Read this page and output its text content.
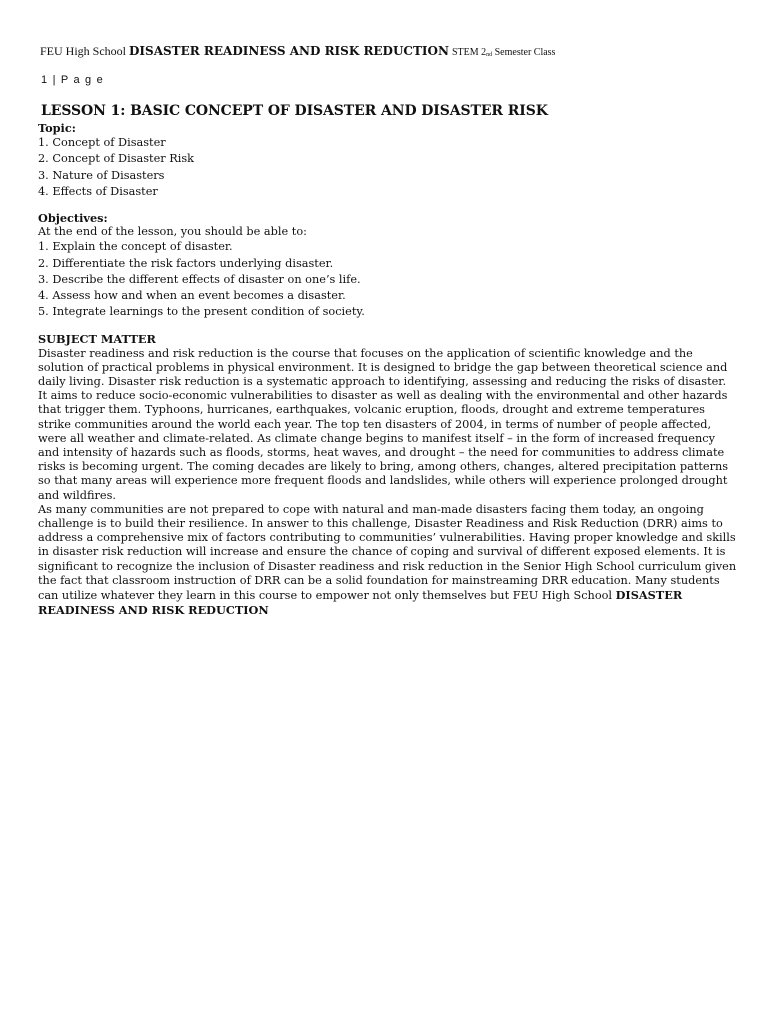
FEU High School DISASTER READINESS AND RISK REDUCTION STEM $2_{nd}$ Semester Class
1 | P a g e
LESSON 1: BASIC CONCEPT OF DISASTER AND DISASTER RISK

Topic:

1. Concept of Disaster
2. Concept of Disaster Risk
3. Nature of Disasters
4. Effects of Disaster

Objectives:

At the end of the lesson, you should be able to:

1. Explain the concept of disaster.
2. Differentiate the risk factors underlying disaster.
3. Describe the different effects of disaster on one’s life.
4. Assess how and when an event becomes a disaster.
5. Integrate learnings to the present condition of society.

SUBJECT MATTER

Disaster readiness and risk reduction is the course that focuses on the application of scientific knowledge and the solution of practical problems in physical environment. It is designed to bridge the gap between theoretical science and daily living. Disaster risk reduction is a systematic approach to identifying, assessing and reducing the risks of disaster. It aims to reduce socio-economic vulnerabilities to disaster as well as dealing with the environmental and other hazards that trigger them. Typhoons, hurricanes, earthquakes, volcanic eruption, floods, drought and extreme temperatures strike communities around the world each year. The top ten disasters of 2004, in terms of number of people affected, were all weather and climate-related. As climate change begins to manifest itself – in the form of increased frequency and intensity of hazards such as floods, storms, heat waves, and drought – the need for communities to address climate risks is becoming urgent. The coming decades are likely to bring, among others, changes, altered precipitation patterns so that many areas will experience more frequent floods and landslides, while others will experience prolonged drought and wildfires.

As many communities are not prepared to cope with natural and man-made disasters facing them today, an ongoing challenge is to build their resilience. In answer to this challenge, Disaster Readiness and Risk Reduction (DRR) aims to address a comprehensive mix of factors contributing to communities’ vulnerabilities. Having proper knowledge and skills in disaster risk reduction will increase and ensure the chance of coping and survival of different exposed elements. It is significant to recognize the inclusion of Disaster readiness and risk reduction in the Senior High School curriculum given the fact that classroom instruction of DRR can be a solid foundation for mainstreaming DRR education. Many students can utilize whatever they learn in this course to empower not only themselves but FEU High School DISASTER READINESS AND RISK REDUCTION
